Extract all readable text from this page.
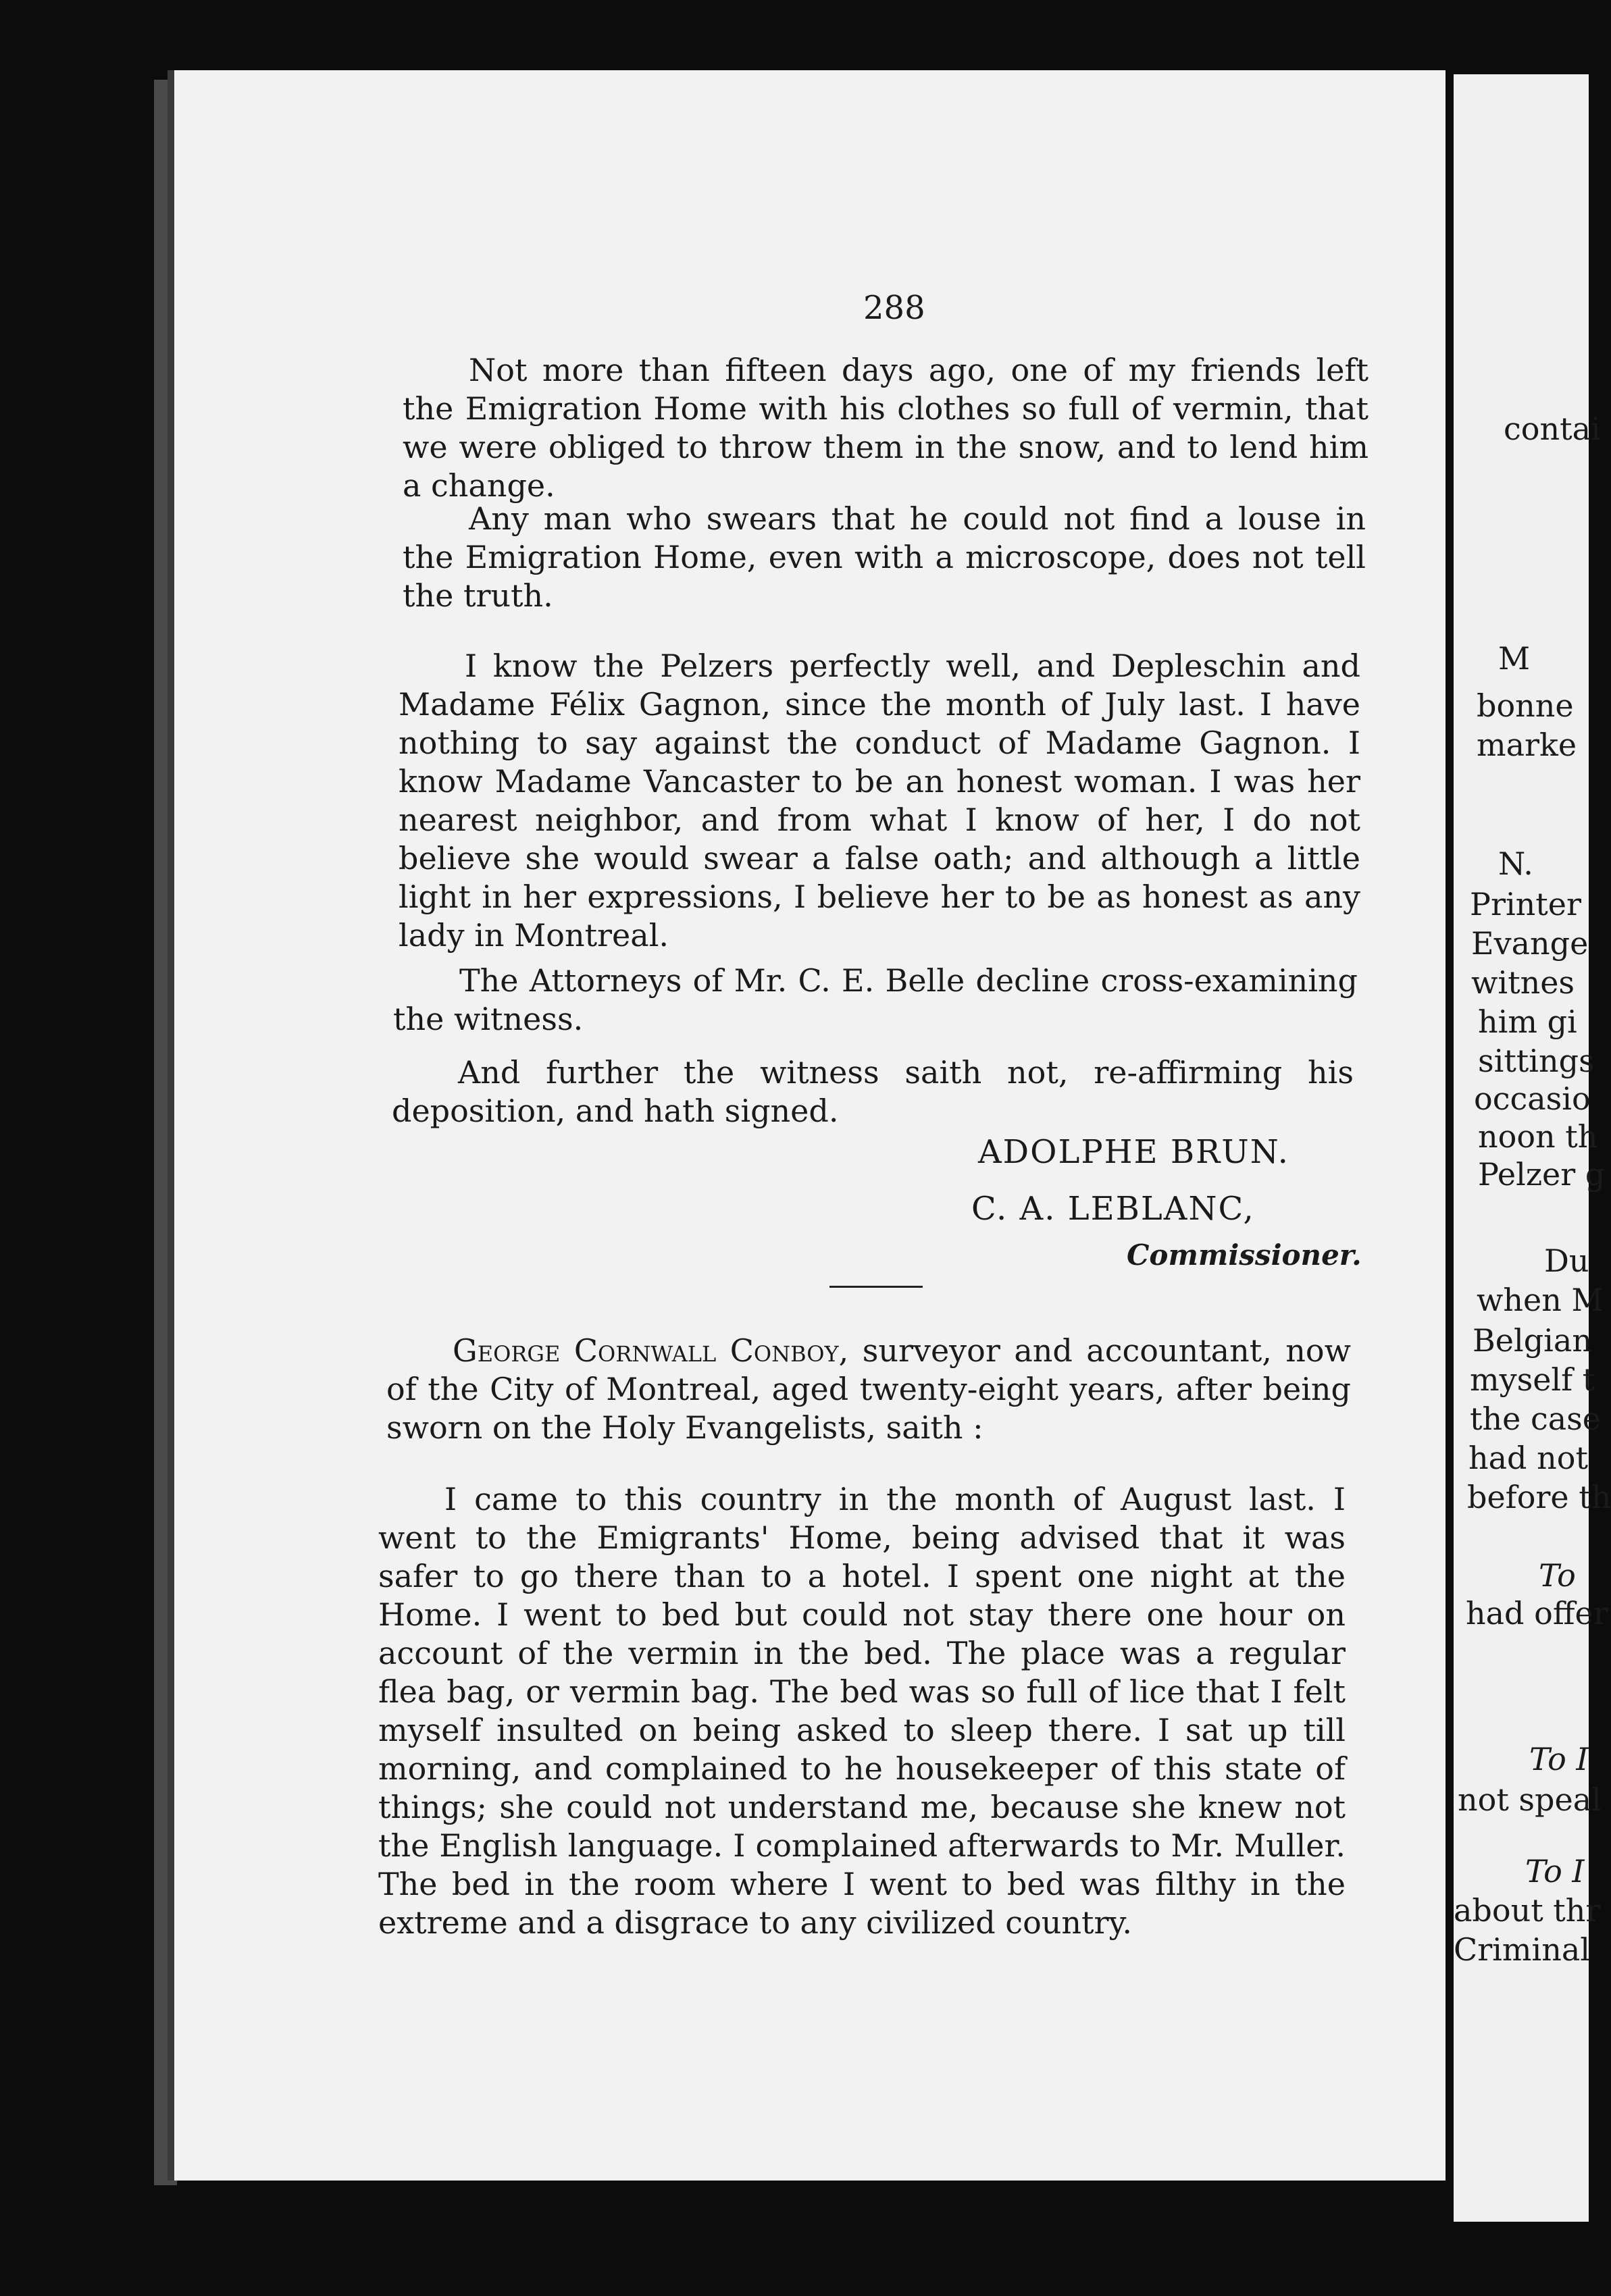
288

Not more than fifteen days ago, one of my friends left the Emigration Home with his clothes so full of vermin, that we were obliged to throw them in the snow, and to lend him a change.

Any man who swears that he could not find a louse in the Emigration Home, even with a microscope, does not tell the truth.

I know the Pelzers perfectly well, and Depleschin and Madame Félix Gagnon, since the month of July last. I have nothing to say against the conduct of Madame Gagnon. I know Madame Vancaster to be an honest woman. I was her nearest neighbor, and from what I know of her, I do not believe she would swear a false oath; and although a little light in her expressions, I believe her to be as honest as any lady in Montreal.

The Attorneys of Mr. C. E. Belle decline cross-examining the witness.

And further the witness saith not, re-affirming his deposition, and hath signed.

ADOLPHE BRUN.
C. A. LEBLANC,
Commissioner.

George Cornwall Conboy, surveyor and accountant, now of the City of Montreal, aged twenty-eight years, after being sworn on the Holy Evangelists, saith :

I came to this country in the month of August last. I went to the Emigrants' Home, being advised that it was safer to go there than to a hotel. I spent one night at the Home. I went to bed but could not stay there one hour on account of the vermin in the bed. The place was a regular flea bag, or vermin bag. The bed was so full of lice that I felt myself insulted on being asked to sleep there. I sat up till morning, and complained to he housekeeper of this state of things; she could not understand me, because she knew not the English language. I complained afterwards to Mr. Muller. The bed in the room where I went to bed was filthy in the extreme and a disgrace to any civilized country.

contai
M
bonne
marke
N.
Printer
Evange
witnes
him gi
sittings
occasio
noon th
Pelzer g
Du
when M
Belgian
myself t
the case
had not
before th
To
had offer
To I
not speal
To I
about thr
Criminal
